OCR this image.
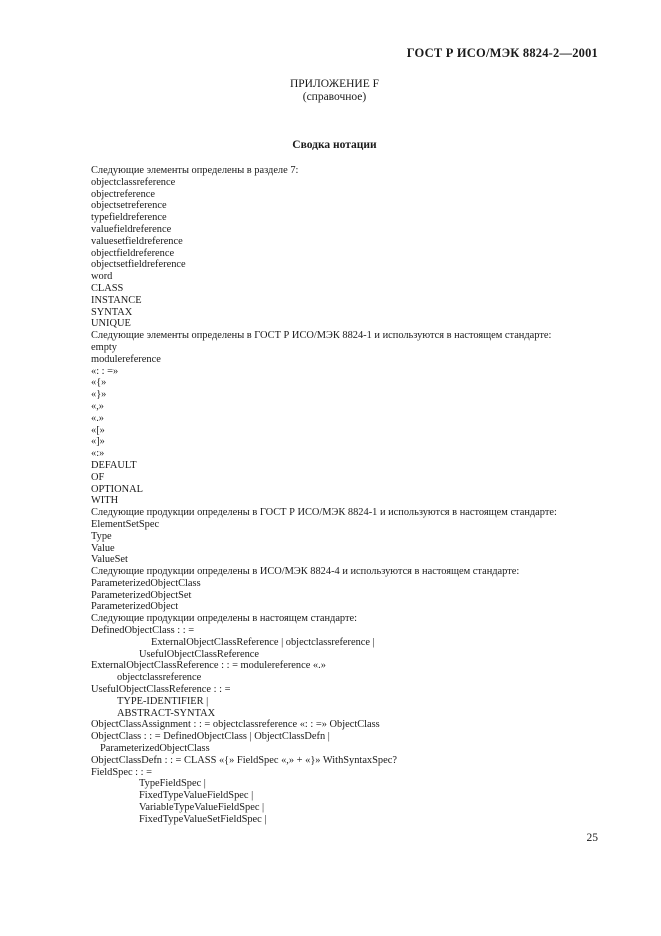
ГОСТ Р ИСО/МЭК 8824-2—2001
ПРИЛОЖЕНИЕ F
(справочное)
Сводка нотации
Следующие элементы определены в разделе 7:
objectclassreference
objectreference
objectsetreference
typefieldreference
valuefieldreference
valuesetfieldreference
objectfieldreference
objectsetfieldreference
word
CLASS
INSTANCE
SYNTAX
UNIQUE
Следующие элементы определены в ГОСТ Р ИСО/МЭК 8824-1 и используются в настоящем стандарте:
empty
modulereference
«: : =»
«{»
«}»
«,»
«.»
«[»
«]»
«:»
DEFAULT
OF
OPTIONAL
WITH
Следующие продукции определены в ГОСТ Р ИСО/МЭК 8824-1 и используются в настоящем стандарте:
ElementSetSpec
Type
Value
ValueSet
Следующие продукции определены в ИСО/МЭК 8824-4 и используются в настоящем стандарте:
ParameterizedObjectClass
ParameterizedObjectSet
ParameterizedObject
Следующие продукции определены в настоящем стандарте:
DefinedObjectClass : : =
ExternalObjectClassReference | objectclassreference |
UsefulObjectClassReference
ExternalObjectClassReference : : = modulereference «.»
objectclassreference
UsefulObjectClassReference : : =
TYPE-IDENTIFIER |
ABSTRACT-SYNTAX
ObjectClassAssignment : : = objectclassreference «: : =» ObjectClass
ObjectClass : : = DefinedObjectClass | ObjectClassDefn |
ParameterizedObjectClass
ObjectClassDefn : : = CLASS «{» FieldSpec «,» + «}» WithSyntaxSpec?
FieldSpec : : =
TypeFieldSpec |
FixedTypeValueFieldSpec |
VariableTypeValueFieldSpec |
FixedTypeValueSetFieldSpec |
25
